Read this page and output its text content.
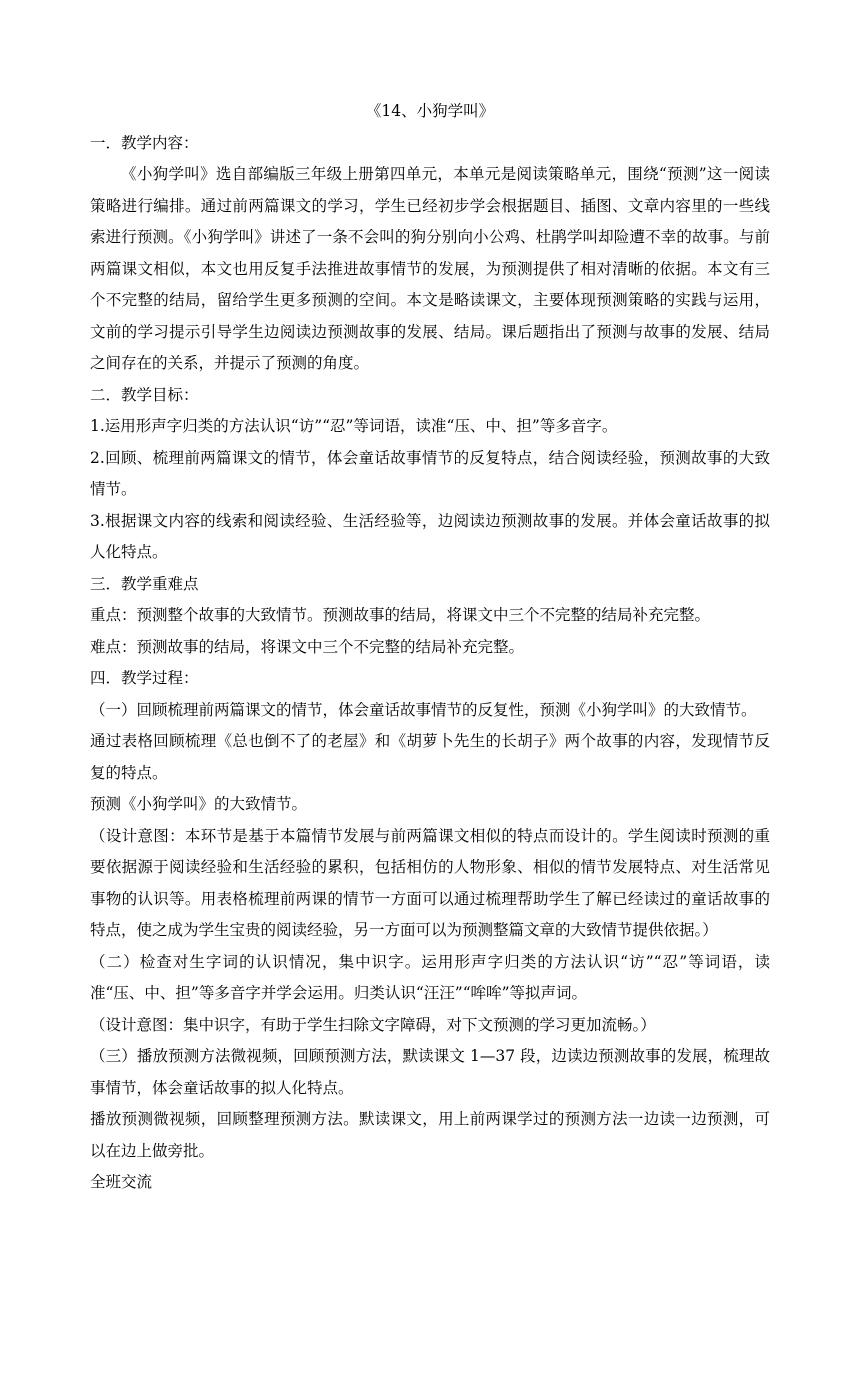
《14、小狗学叫》

一．教学内容：

《小狗学叫》选自部编版三年级上册第四单元，本单元是阅读策略单元，围绕“预测”这一阅读策略进行编排。通过前两篇课文的学习，学生已经初步学会根据题目、插图、文章内容里的一些线索进行预测。《小狗学叫》讲述了一条不会叫的狗分别向小公鸡、杜鹃学叫却险遭不幸的故事。与前两篇课文相似，本文也用反复手法推进故事情节的发展，为预测提供了相对清晰的依据。本文有三个不完整的结局，留给学生更多预测的空间。本文是略读课文，主要体现预测策略的实践与运用，文前的学习提示引导学生边阅读边预测故事的发展、结局。课后题指出了预测与故事的发展、结局之间存在的关系，并提示了预测的角度。

二．教学目标：

1.运用形声字归类的方法认识“访”“忍”等词语，读准“压、中、担”等多音字。

2.回顾、梳理前两篇课文的情节，体会童话故事情节的反复特点，结合阅读经验，预测故事的大致情节。

3.根据课文内容的线索和阅读经验、生活经验等，边阅读边预测故事的发展。并体会童话故事的拟人化特点。

三．教学重难点

重点：预测整个故事的大致情节。预测故事的结局，将课文中三个不完整的结局补充完整。

难点：预测故事的结局，将课文中三个不完整的结局补充完整。

四．教学过程：

（一）回顾梳理前两篇课文的情节，体会童话故事情节的反复性，预测《小狗学叫》的大致情节。

通过表格回顾梳理《总也倒不了的老屋》和《胡萝卜先生的长胡子》两个故事的内容，发现情节反复的特点。

预测《小狗学叫》的大致情节。

（设计意图：本环节是基于本篇情节发展与前两篇课文相似的特点而设计的。学生阅读时预测的重要依据源于阅读经验和生活经验的累积，包括相仿的人物形象、相似的情节发展特点、对生活常见事物的认识等。用表格梳理前两课的情节一方面可以通过梳理帮助学生了解已经读过的童话故事的特点，使之成为学生宝贵的阅读经验，另一方面可以为预测整篇文章的大致情节提供依据。）

（二）检查对生字词的认识情况，集中识字。运用形声字归类的方法认识“访”“忍”等词语，读准“压、中、担”等多音字并学会运用。归类认识“汪汪”“哞哞”等拟声词。

（设计意图：集中识字，有助于学生扫除文字障碍，对下文预测的学习更加流畅。）

（三）播放预测方法微视频，回顾预测方法，默读课文 1—37 段，边读边预测故事的发展，梳理故事情节，体会童话故事的拟人化特点。

播放预测微视频，回顾整理预测方法。默读课文，用上前两课学过的预测方法一边读一边预测，可以在边上做旁批。

全班交流
